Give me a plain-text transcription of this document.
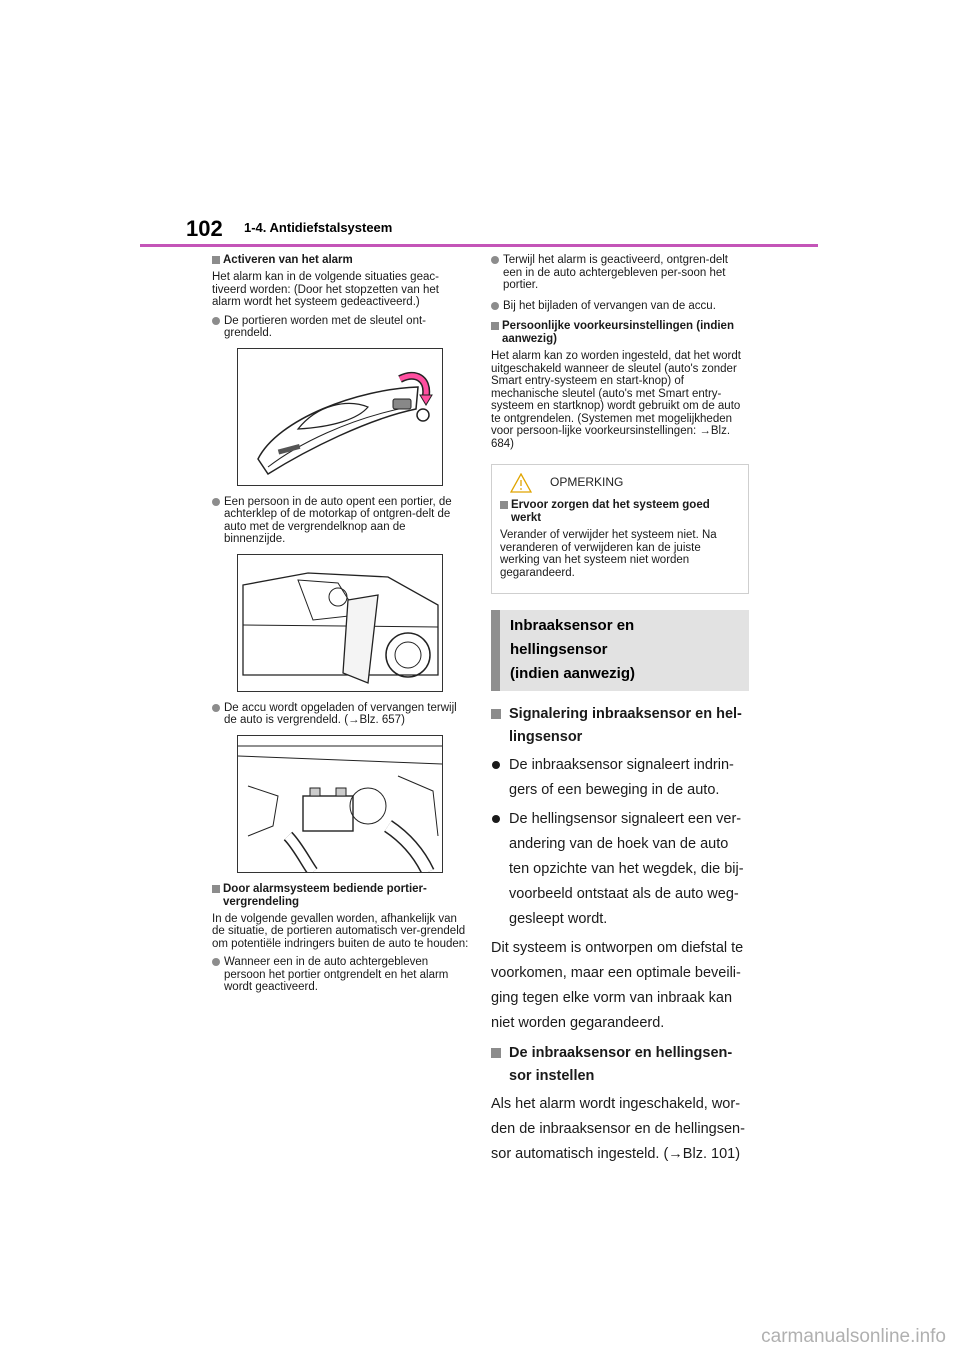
102 1-4. Antidiefstalsysteem
Activeren van het alarm
Het alarm kan in de volgende situaties geac-tiveerd worden: (Door het stopzetten van het alarm wordt het systeem gedeactiveerd.)
De portieren worden met de sleutel ont-grendeld.
Een persoon in de auto opent een portier, de achterklep of de motorkap of ontgren-delt de auto met de vergrendelknop aan de binnenzijde.
De accu wordt opgeladen of vervangen terwijl de auto is vergrendeld. (→Blz. 657)
Door alarmsysteem bediende portier-vergrendeling
In de volgende gevallen worden, afhankelijk van de situatie, de portieren automatisch ver-grendeld om potentiële indringers buiten de auto te houden:
Wanneer een in de auto achtergebleven persoon het portier ontgrendelt en het alarm wordt geactiveerd.
Terwijl het alarm is geactiveerd, ontgren-delt een in de auto achtergebleven per-soon het portier.
Bij het bijladen of vervangen van de accu.
Persoonlijke voorkeursinstellingen (indien aanwezig)
Het alarm kan zo worden ingesteld, dat het wordt uitgeschakeld wanneer de sleutel (auto's zonder Smart entry-systeem en start-knop) of mechanische sleutel (auto's met Smart entry-systeem en startknop) wordt gebruikt om de auto te ontgrendelen. (Systemen met mogelijkheden voor persoon-lijke voorkeursinstellingen: →Blz. 684)
OPMERKING
Ervoor zorgen dat het systeem goed werkt
Verander of verwijder het systeem niet. Na veranderen of verwijderen kan de juiste werking van het systeem niet worden gegarandeerd.
Inbraaksensor en
hellingsensor
(indien aanwezig)
Signalering inbraaksensor en hel-lingsensor
De inbraaksensor signaleert indrin-gers of een beweging in de auto.
De hellingsensor signaleert een ver-andering van de hoek van de auto ten opzichte van het wegdek, die bij-voorbeeld ontstaat als de auto weg-gesleept wordt.
Dit systeem is ontworpen om diefstal te voorkomen, maar een optimale beveili-ging tegen elke vorm van inbraak kan niet worden gegarandeerd.
De inbraaksensor en hellingsen-sor instellen
Als het alarm wordt ingeschakeld, wor-den de inbraaksensor en de hellingsen-sor automatisch ingesteld. (→Blz. 101)
carmanualsonline.info
